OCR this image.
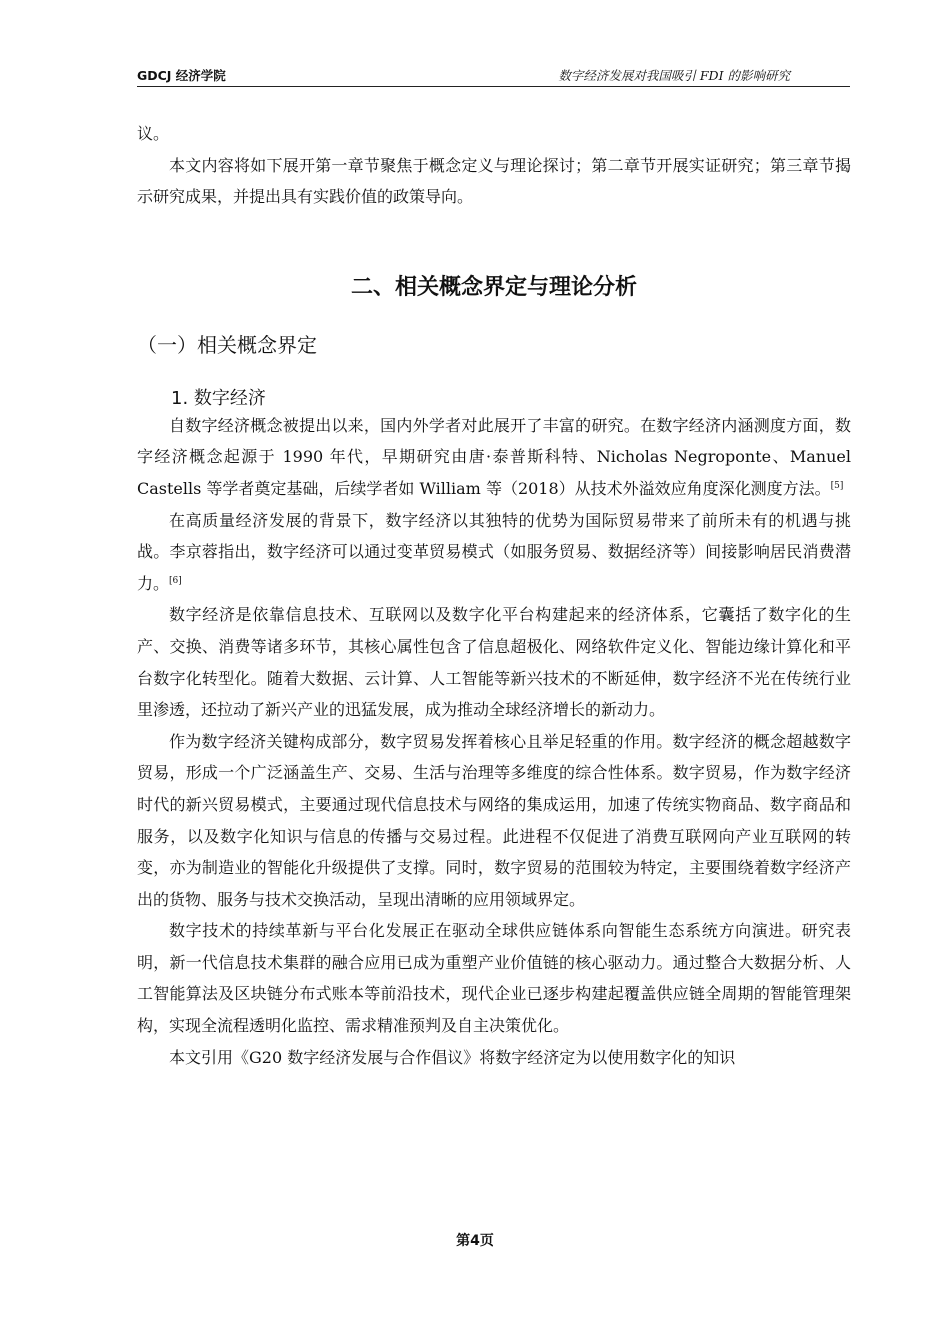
GDCJ 经济学院	数字经济发展对我国吸引 FDI 的影响研究

议。

本文内容将如下展开第一章节聚焦于概念定义与理论探讨；第二章节开展实证研究；第三章节揭示研究成果，并提出具有实践价值的政策导向。

二、相关概念界定与理论分析
（一）相关概念界定
1. 数字经济

自数字经济概念被提出以来，国内外学者对此展开了丰富的研究。在数字经济内涵测度方面，数字经济概念起源于 1990 年代，早期研究由唐·泰普斯科特、Nicholas Negroponte、Manuel Castells 等学者奠定基础，后续学者如 William 等（2018）从技术外溢效应角度深化测度方法。[5]

在高质量经济发展的背景下，数字经济以其独特的优势为国际贸易带来了前所未有的机遇与挑战。李京蓉指出，数字经济可以通过变革贸易模式（如服务贸易、数据经济等）间接影响居民消费潜力。[6]

数字经济是依靠信息技术、互联网以及数字化平台构建起来的经济体系，它囊括了数字化的生产、交换、消费等诸多环节，其核心属性包含了信息超极化、网络软件定义化、智能边缘计算化和平台数字化转型化。随着大数据、云计算、人工智能等新兴技术的不断延伸，数字经济不光在传统行业里渗透，还拉动了新兴产业的迅猛发展，成为推动全球经济增长的新动力。

作为数字经济关键构成部分，数字贸易发挥着核心且举足轻重的作用。数字经济的概念超越数字贸易，形成一个广泛涵盖生产、交易、生活与治理等多维度的综合性体系。数字贸易，作为数字经济时代的新兴贸易模式，主要通过现代信息技术与网络的集成运用，加速了传统实物商品、数字商品和服务，以及数字化知识与信息的传播与交易过程。此进程不仅促进了消费互联网向产业互联网的转变，亦为制造业的智能化升级提供了支撑。同时，数字贸易的范围较为特定，主要围绕着数字经济产出的货物、服务与技术交换活动，呈现出清晰的应用领域界定。

数字技术的持续革新与平台化发展正在驱动全球供应链体系向智能生态系统方向演进。研究表明，新一代信息技术集群的融合应用已成为重塑产业价值链的核心驱动力。通过整合大数据分析、人工智能算法及区块链分布式账本等前沿技术，现代企业已逐步构建起覆盖供应链全周期的智能管理架构，实现全流程透明化监控、需求精准预判及自主决策优化。

本文引用《G20 数字经济发展与合作倡议》将数字经济定为以使用数字化的知识

第4页
